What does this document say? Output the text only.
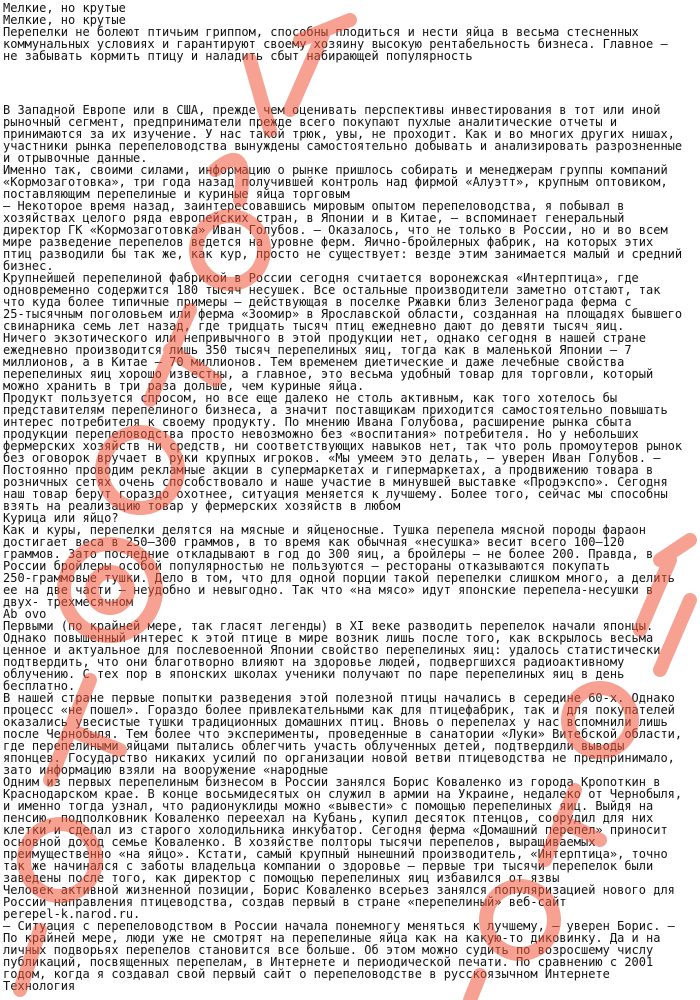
Мелкие, но крутые
Мелкие, но крутые
Перепелки не болеют птичьим гриппом, способны плодиться и нести яйца в весьма стесненных
коммунальных условиях и гарантируют своему хозяину высокую рентабельность бизнеса. Главное —
не забывать кормить птицу и наладить сбыт набирающей популярность
В Западной Европе или в США, прежде чем оценивать перспективы инвестирования в тот или иной
рыночный сегмент, предприниматели прежде всего покупают пухлые аналитические отчеты и
принимаются за их изучение. У нас такой трюк, увы, не проходит. Как и во многих других нишах,
участники рынка перепеловодства вынуждены самостоятельно добывать и анализировать разрозненные
и отрывочные данные.
Именно так, своими силами, информацию о рынке пришлось собирать и менеджерам группы компаний
«Кормозаготовка», три года назад получившей контроль над фирмой «Алуэтт», крупным оптовиком,
поставляющим перепелиные и куриные яйца торговым
— Некоторое время назад, заинтересовавшись мировым опытом перепеловодства, я побывал в
хозяйствах целого ряда европейских стран, в Японии и в Китае, — вспоминает генеральный
директор ГК «Кормозаготовка» Иван Голубов. — Оказалось, что не только в России, но и во всем
мире разведение перепелов ведется на уровне ферм. Яично-бройлерных фабрик, на которых этих
птиц разводили бы так же, как кур, просто не существует: везде этим занимается малый и средний
бизнес.
Крупнейшей перепелиной фабрикой в России сегодня считается воронежская «Интерптица», где
одновременно содержится 180 тысяч несушек. Все остальные производители заметно отстают, так
что куда более типичные примеры — действующая в поселке Ржавки близ Зеленограда ферма с
25-тысячным поголовьем или ферма «Зоомир» в Ярославской области, созданная на площадях бывшего
свинарника семь лет назад, где тридцать тысяч птиц ежедневно дают до девяти тысяч яиц.
Ничего экзотического или непривычного в этой продукции нет, однако сегодня в нашей стране
ежедневно производится лишь 350 тысяч перепелиных яиц, тогда как в маленькой Японии — 7
миллионов, а в Китае — 70 миллионов. Тем временем диетические и даже лечебные свойства
перепелиных яиц хорошо известны, а главное, это весьма удобный товар для торговли, который
можно хранить в три раза дольше, чем куриные яйца.
Продукт пользуется спросом, но все еще далеко не столь активным, как того хотелось бы
представителям перепелиного бизнеса, а значит поставщикам приходится самостоятельно повышать
интерес потребителя к своему продукту. По мнению Ивана Голубова, расширение рынка сбыта
продукции перепеловодства просто невозможно без «воспитания» потребителя. Но у небольших
фермерских хозяйств ни средств, ни соответствующих навыков нет, так что роль промоутеров рынок
без оговорок вручает в руки крупных игроков. «Мы умеем это делать, — уверен Иван Голубов. —
Постоянно проводим рекламные акции в супермаркетах и гипермаркетах, а продвижению товара в
розничных сетях очень способствовало и наше участие в минувшей выставке «Продэкспо». Сегодня
наш товар берут гораздо охотнее, ситуация меняется к лучшему. Более того, сейчас мы способны
взять на реализацию товар у фермерских хозяйств в любом
Курица или яйцо?
Как и куры, перепелки делятся на мясные и яйценосные. Тушка перепела мясной породы фараон
достигает веса в 250–300 граммов, в то время как обычная «несушка» весит всего 100–120
граммов. Зато последние откладывают в год до 300 яиц, а бройлеры — не более 200. Правда, в
России бройлеры особой популярностью не пользуются — рестораны отказываются покупать
250-граммовые тушки. Дело в том, что для одной порции такой перепелки слишком много, а делить
ее на две части — неудобно и невыгодно. Так что «на мясо» идут японские перепела-несушки в
двух- трехмесячном
Ab ovo
Первыми (по крайней мере, так гласят легенды) в XI веке разводить перепелок начали японцы.
Однако повышенный интерес к этой птице в мире возник лишь после того, как вскрылось весьма
ценное и актуальное для послевоенной Японии свойство перепелиных яиц: удалось статистически
подтвердить, что они благотворно влияют на здоровье людей, подвергшихся радиоактивному
облучению. С тех пор в японских школах ученики получают по паре перепелиных яиц в день
бесплатно.
В нашей стране первые попытки разведения этой полезной птицы начались в середине 60-х. Однако
процесс «не пошел». Гораздо более привлекательными как для птицефабрик, так и для покупателей
оказались увесистые тушки традиционных домашних птиц. Вновь о перепелах у нас вспомнили лишь
после Чернобыля. Тем более что эксперименты, проведенные в санатории «Луки» Витебской области,
где перепелиными яйцами пытались облегчить участь облученных детей, подтвердили выводы
японцев. Государство никаких усилий по организации новой ветви птицеводства не предпринимало,
зато информацию взяли на вооружение «народные
Одним из первых перепелиным бизнесом в России занялся Борис Коваленко из города Кропоткин в
Краснодарском крае. В конце восьмидесятых он служил в армии на Украине, недалеко от Чернобыля,
и именно тогда узнал, что радионуклиды можно «вывести» с помощью перепелиных яиц. Выйдя на
пенсию, подполковник Коваленко переехал на Кубань, купил десяток птенцов, соорудил для них
клетки и сделал из старого холодильника инкубатор. Сегодня ферма «Домашний перепел» приносит
основной доход семье Коваленко. В хозяйстве полторы тысячи перепелов, выращиваемых
преимущественно «на яйцо». Кстати, самый крупный нынешний производитель, «Интерптица», точно
так же начинался с заботы владельца компании о здоровье — первые три тысячи перепелок были
заведены после того, как директор с помощью перепелиных яиц избавился от язвы
Человек активной жизненной позиции, Борис Коваленко всерьез занялся популяризацией нового для
России направления птицеводства, создав первый в стране «перепелиный» веб-сайт
perepel-k.narod.ru.
— Ситуация с перепеловодством в России начала понемногу меняться к лучшему, — уверен Борис. —
По крайней мере, люди уже не смотрят на перепелиные яйца как на какую-то диковинку. Да и на
личных подворьях перепелов становится все больше. Об этом можно судить по возросшему числу
публикаций, посвященных перепелам, в Интернете и периодической печати. По сравнению с 2001
годом, когда я создавал свой первый сайт о перепеловодстве в русскоязычном Интернете
Технология
